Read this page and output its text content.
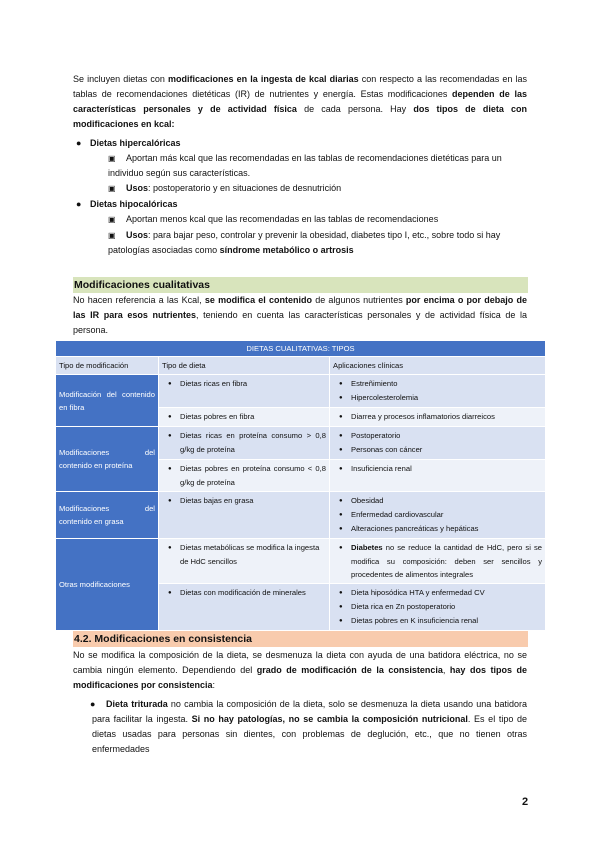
Se incluyen dietas con modificaciones en la ingesta de kcal diarias con respecto a las recomendadas en las tablas de recomendaciones dietéticas (IR) de nutrientes y energía. Estas modificaciones dependen de las características personales y de actividad física de cada persona. Hay dos tipos de dieta con modificaciones en kcal:
● Dietas hipercalóricas
▣ Aportan más kcal que las recomendadas en las tablas de recomendaciones dietéticas para un individuo según sus características.
▣ Usos: postoperatorio y en situaciones de desnutrición
● Dietas hipocalóricas
▣ Aportan menos kcal que las recomendadas en las tablas de recomendaciones
▣ Usos: para bajar peso, controlar y prevenir la obesidad, diabetes tipo I, etc., sobre todo si hay patologías asociadas como síndrome metabólico o artrosis
Modificaciones cualitativas
No hacen referencia a las Kcal, se modifica el contenido de algunos nutrientes por encima o por debajo de las IR para esos nutrientes, teniendo en cuenta las características personales y de actividad física de la persona.
DIETAS CUALITATIVAS: TIPOS		
Tipo de modificación	Tipo de dieta	Aplicaciones clínicas
Modificación del contenido en fibra	● Dietas ricas en fibra	● Estreñimiento
● Hipercolesterolemia

	● Dietas pobres en fibra	● Diarrea y procesos inflamatorios diarreicos

Modificaciones del contenido en proteína	● Dietas ricas en proteína consumo > 0,8 g/kg de proteína	● Postoperatorio
● Personas con cáncer

	● Dietas pobres en proteína consumo < 0,8 g/kg de proteína	● Insuficiencia renal

Modificaciones del contenido en grasa	● Dietas bajas en grasa	● Obesidad
● Enfermedad cardiovascular
● Alteraciones pancreáticas y hepáticas

Otras modificaciones	● Dietas metabólicas se modifica la ingesta de HdC sencillos	● Diabetes no se reduce la cantidad de HdC, pero si se modifica su composición: deben ser sencillos y procedentes de alimentos integrales

	● Dietas con modificación de minerales	● Dieta hiposódica HTA y enfermedad CV
● Dieta rica en Zn postoperatorio
● Dietas pobres en K insuficiencia renal
4.2. Modificaciones en consistencia
No se modifica la composición de la dieta, se desmenuza la dieta con ayuda de una batidora eléctrica, no se cambia ningún elemento. Dependiendo del grado de modificación de la consistencia, hay dos tipos de modificaciones por consistencia:
● Dieta triturada no cambia la composición de la dieta, solo se desmenuza la dieta usando una batidora para facilitar la ingesta. Si no hay patologías, no se cambia la composición nutricional. Es el tipo de dietas usadas para personas sin dientes, con problemas de deglución, etc., que no tienen otras enfermedades
2
